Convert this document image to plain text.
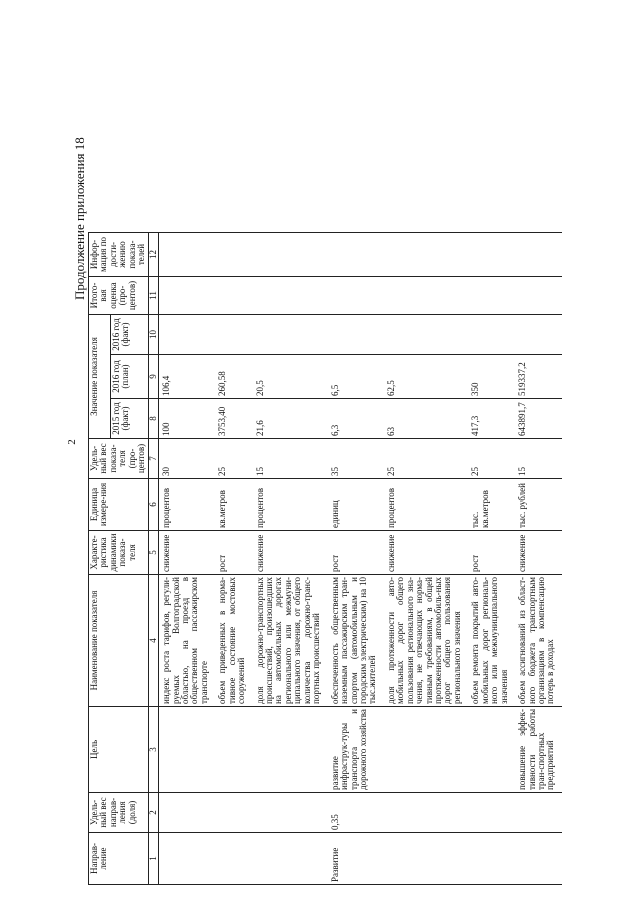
2
Продолжение приложения 18
Направ-ление	Удель-ный вес направ-ления (доля)	Цель	Наименование показателя	Характе-ристика динамики показа-теля	Единица измере-ния	Удель-ный вес показа-теля (про-центов)	Значение показателя			Итого-вая оценка (про-центов)	Инфор-мация по дости-жению показа-телей
							2015 год (факт)	2016 год (план)	2016 год (факт)		
1	2	3	4	5	6	7	8	9	10	11	12
			индекс роста тарифов, регули-руемых Волгоградской областью, на проезд в общественном пассажирском транспорте	снижение	процентов	30	100	106,4			
			объем приведенных в норма-тивное состояние мостовых сооружений	рост	кв.метров	25	3753,40	260,58			
			доля дорожно-транспортных происшествий, произошедших на автомобильных дорогах регионального или межмуни-ципального значения, от общего количества дорожно-транс-портных происшествий	снижение	процентов	15	21,6	20,5			
Развитие	0,35	развитие инфраструк-туры транспорта и дорожного хозяйства	обеспеченность общественным наземным пассажирским тран-спортом (автомобильным и городским электрическим) на 10 тыс.жителей	рост	единиц	35	6,3	6,5			
			доля протяженности авто-мобильных дорог общего пользования регионального зна-чения, не отвечающих норма-тивным требованиям, в общей протяженности автомобиль-ных дорог общего пользования регионального значения	снижение	процентов	25	63	62,5			
			объем ремонта покрытий авто-мобильных дорог региональ-ного или межмуниципального значения	рост	тыс. кв.метров	25	417,3	350			
		повышение эффек-тивности работы тран-спортных предприятий	объем ассигнований из област-ного бюджета транспортным организациям в компенсацию потерь в доходах	снижение	тыс. рублей	15	643891,7	519337,2			
